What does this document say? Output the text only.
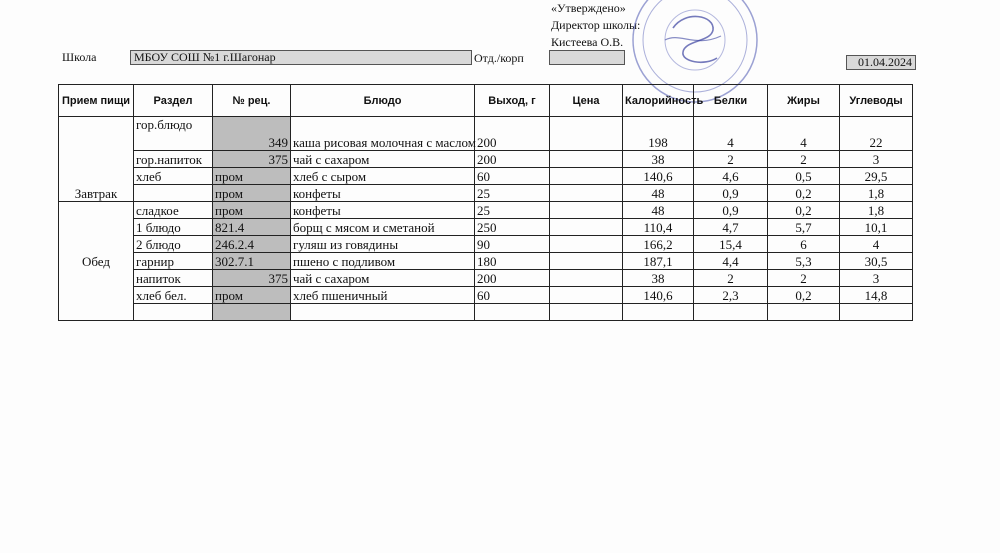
«Утверждено»
Директор школы:
Кистеева О.В.
Школа	МБОУ СОШ №1 г.Шагонар	Отд./корп	01.04.2024
Прием пищи	Раздел	№ рец.	Блюдо	Выход, г	Цена	Калорийность	Белки	Жиры	Углеводы
Завтрак	гор.блюдо	349	каша рисовая молочная с маслом	200		198	4	4	22
	гор.напиток	375	чай с сахаром	200		38	2	2	3
	хлеб	пром	хлеб с сыром	60		140,6	4,6	0,5	29,5
		пром	конфеты	25		48	0,9	0,2	1,8
Обед	сладкое	пром	конфеты	25		48	0,9	0,2	1,8
	1 блюдо	821.4	борщ с мясом и сметаной	250		110,4	4,7	5,7	10,1
	2 блюдо	246.2.4	гуляш из говядины	90		166,2	15,4	6	4
	гарнир	302.7.1	пшено с подливом	180		187,1	4,4	5,3	30,5
	напиток	375	чай с сахаром	200		38	2	2	3
	хлеб бел.	пром	хлеб пшеничный	60		140,6	2,3	0,2	14,8
